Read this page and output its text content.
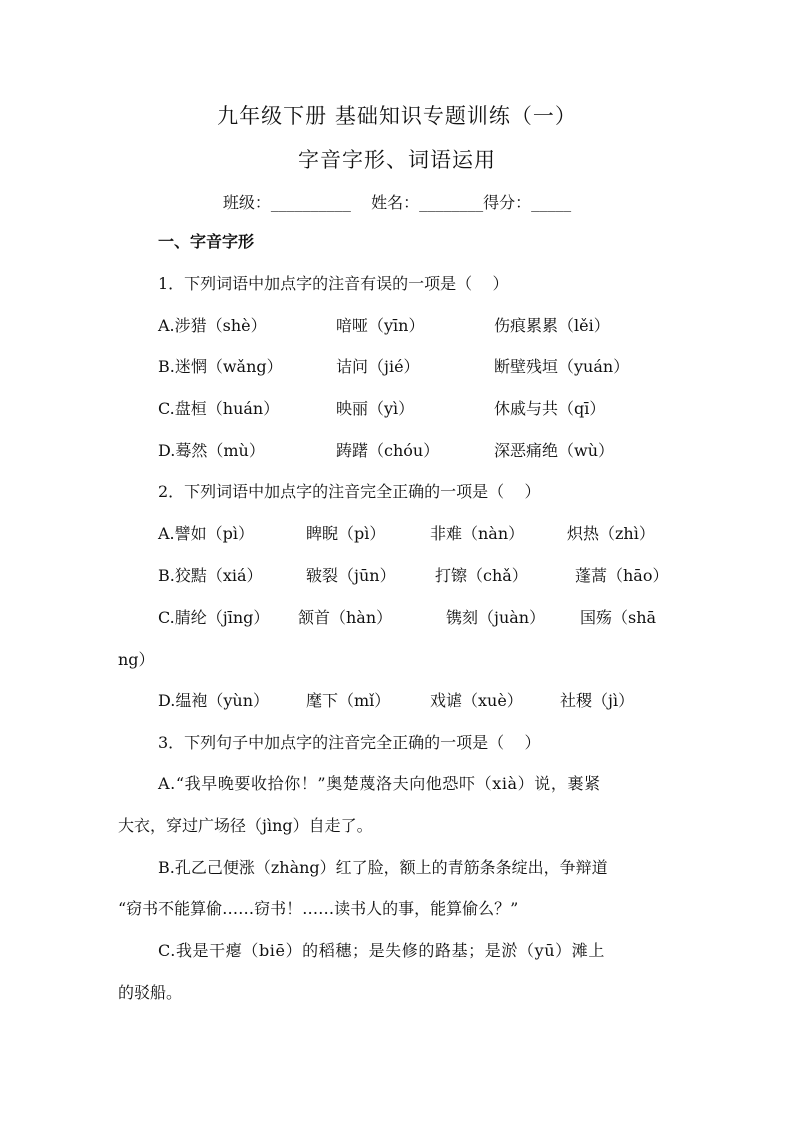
九年级下册 基础知识专题训练（一）
字音字形、词语运用
班级：__________    姓名：________得分：_____
一、字音字形
1．下列词语中加点字的注音有误的一项是（    ）
A.涉猎（shè）	喑哑（yīn）	伤痕累累（lěi）
B.迷惘（wǎng）	诘问（jié）	断壁残垣（yuán）
C.盘桓（huán）	映丽（yì）	休戚与共（qī）
D.蓦然（mù）	踌躇（chóu）	深恶痛绝（wù）
2．下列词语中加点字的注音完全正确的一项是（    ）
A.譬如（pì）	睥睨（pì）	非难（nàn）	炽热（zhì）
B.狡黠（xiá）	皲裂（jūn） 打镲（chǎ）	蓬蒿（hāo）
C.腈纶（jīng） 颔首（hàn）	镌刻（juàn） 国殇（shā
ng）
D.缊袍（yùn） 麾下（mǐ） 戏谑（xuè） 社稷（jì）
3．下列句子中加点字的注音完全正确的一项是（    ）
A.“我早晚要收拾你！”奥楚蔑洛夫向他恐吓（xià）说，裹紧
大衣，穿过广场径（jìng）自走了。
B.孔乙己便涨（zhàng）红了脸，额上的青筋条条绽出，争辩道
“窃书不能算偷……窃书！……读书人的事，能算偷么？”
C.我是干瘪（biē）的稻穗；是失修的路基；是淤（yū）滩上
的驳船。
